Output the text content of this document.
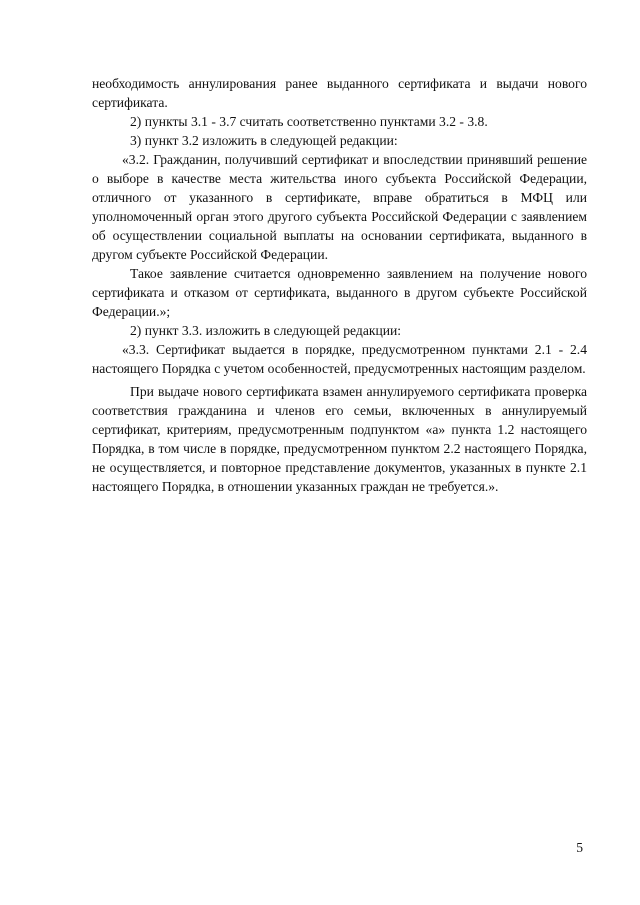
необходимость аннулирования ранее выданного сертификата и выдачи нового сертификата.

2) пункты 3.1 - 3.7 считать соответственно пунктами 3.2 - 3.8.

3) пункт 3.2 изложить в следующей редакции:

«3.2. Гражданин, получивший сертификат и впоследствии принявший решение о выборе в качестве места жительства иного субъекта Российской Федерации, отличного от указанного в сертификате, вправе обратиться в МФЦ или уполномоченный орган этого другого субъекта Российской Федерации с заявлением об осуществлении социальной выплаты на основании сертификата, выданного в другом субъекте Российской Федерации.

Такое заявление считается одновременно заявлением на получение нового сертификата и отказом от сертификата, выданного в другом субъекте Российской Федерации.»;

2) пункт 3.3. изложить в следующей редакции:

«3.3. Сертификат выдается в порядке, предусмотренном пунктами 2.1 - 2.4 настоящего Порядка с учетом особенностей, предусмотренных настоящим разделом.

При выдаче нового сертификата взамен аннулируемого сертификата проверка соответствия гражданина и членов его семьи, включенных в аннулируемый сертификат, критериям, предусмотренным подпунктом «а» пункта 1.2 настоящего Порядка, в том числе в порядке, предусмотренном пунктом 2.2 настоящего Порядка, не осуществляется, и повторное представление документов, указанных в пункте 2.1 настоящего Порядка, в отношении указанных граждан не требуется.».

5
